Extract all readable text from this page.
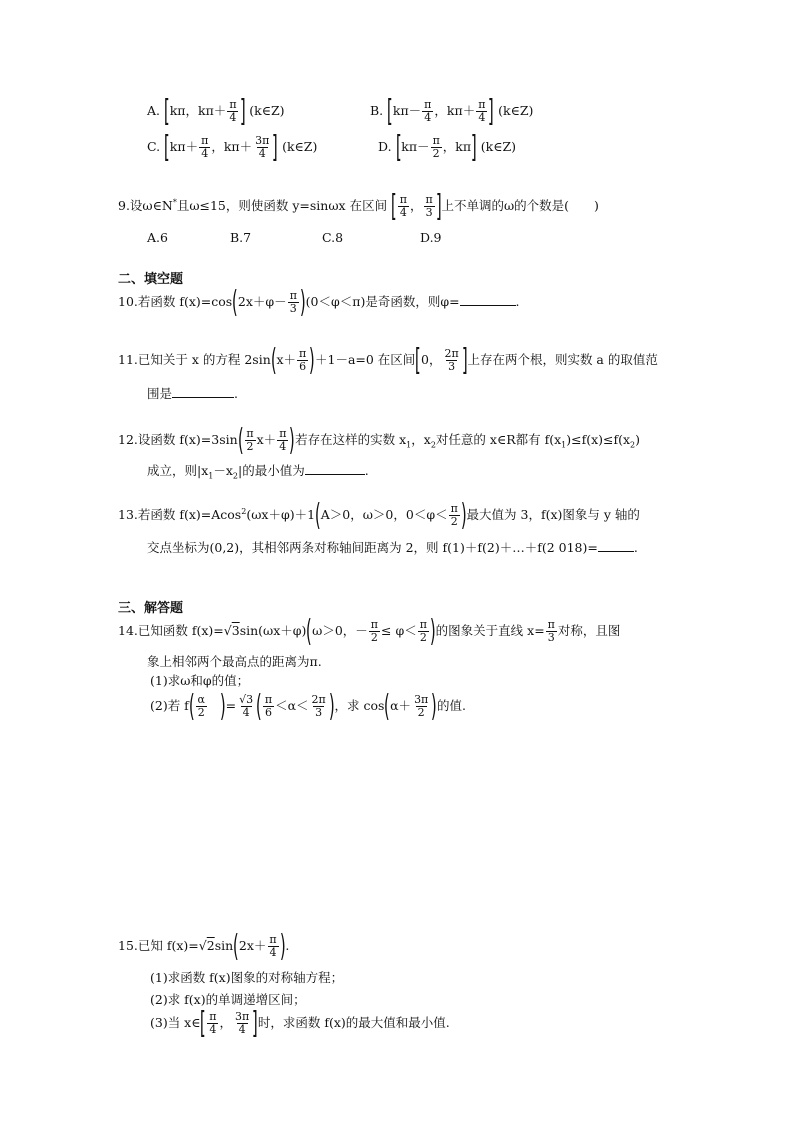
A. [kπ，$k\pi+ \frac{\pi}{4}$ ] (k∈Z)	B. [$k\pi- \frac{\pi}{4}$ ，$k\pi+ \frac{\pi}{4}$ ] (k∈Z)
C. [$k\pi+ \frac{\pi}{4}$ ，$k\pi+ \frac{3\pi}{4}$ ] (k∈Z)	D. [$k\pi- \frac{\pi}{2}$ ，kπ] (k∈Z)
9.设ω∈N*且ω≤15，则使函数 y=sinωx 在区间 [ $\frac{\pi}{4}$ ， $\frac{\pi}{3}$ ]上不单调的ω的个数是(　　)
A.6	B.7	C.8	D.9
二、填空题
10.若函数 $f(x)=\cos(2x+\varphi- \frac{\pi}{3} )(0<\varphi<\pi)$是奇函数，则φ=	.
11.已知关于 x 的方程 $2\sin(x+ \frac{\pi}{6} )+1-a=0$ 在区间[0， $\frac{2\pi}{3}$ ]上存在两个根，则实数 a 的取值范
围是	.
12.设函数 $f(x)=3\sin( \frac{\pi}{2} x+ \frac{\pi}{4}$ )若存在这样的实数 $x_1$，$x_2$对任意的 x∈R都有 $f(x_1)\le f(x)\le f(x_2)$
成立，则$|x_1-x_2|$的最小值为	.
13.若函数 f(x)=Acos$^2$(ωx＋φ)＋1(A＞0，ω＞0，$0<\varphi< \frac{\pi}{2}$ )最大值为 3，f(x)图象与 y 轴的
交点坐标为(0,2)，其相邻两条对称轴间距离为 2，则 f(1)＋f(2)＋…＋f(2 018)=	.
三、解答题
14.已知函数 f(x)=√3sin(ωx＋φ)(ω＞0，－ $\frac{\pi}{2} \le \varphi< \frac{\pi}{2}$ )的图象关于直线 $x= \frac{\pi}{3}$ 对称，且图
象上相邻两个最高点的距离为π.
(1)求ω和φ的值；
(2)若 $f( \frac{\alpha}{2}$ )= $\frac{√3}{4}$ ( $\frac{\pi}{6} <\alpha< \frac{2\pi}{3}$ )，求 $\cos(\alpha+ \frac{3\pi}{2}$ )的值.
15.已知 $f(x)=√2\sin(2x+ \frac{\pi}{4}$ ).
(1)求函数 f(x)图象的对称轴方程；
(2)求 f(x)的单调递增区间；
(3)当 x∈[ $\frac{\pi}{4}$ ， $\frac{3\pi}{4}$ ]时，求函数 f(x)的最大值和最小值.
